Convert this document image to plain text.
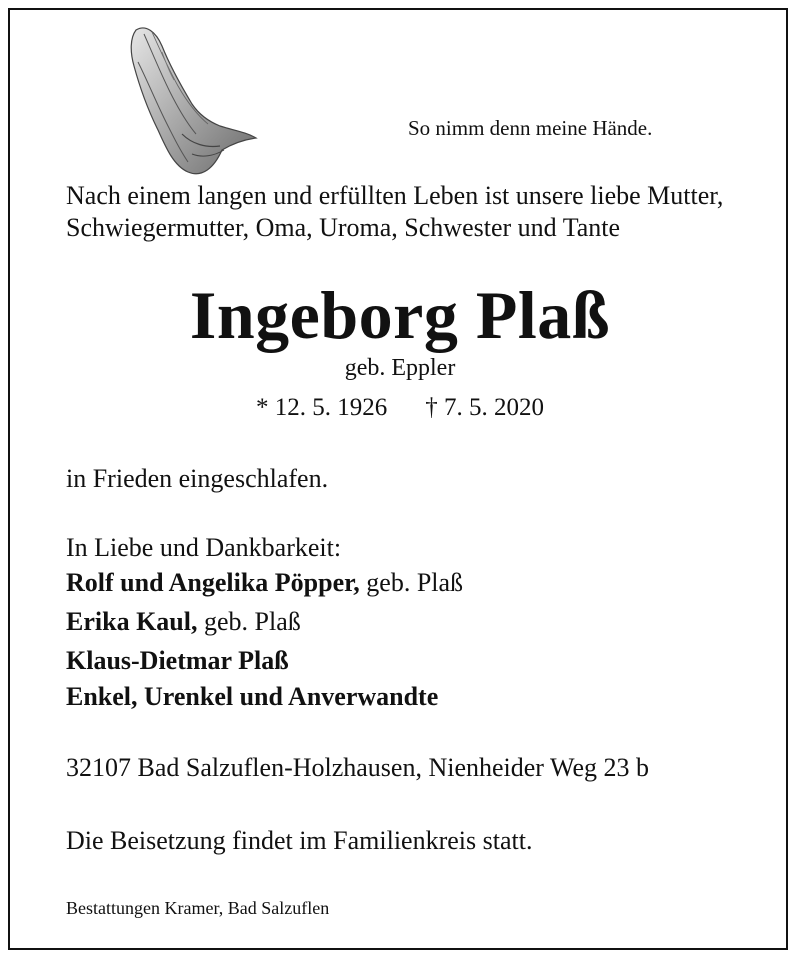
So nimm denn meine Hände.
Nach einem langen und erfüllten Leben ist unsere liebe Mutter, Schwiegermutter, Oma, Uroma, Schwester und Tante
Ingeborg Plaß
geb. Eppler
* 12. 5. 1926 † 7. 5. 2020
in Frieden eingeschlafen.
In Liebe und Dankbarkeit:
Rolf und Angelika Pöpper, geb. Plaß
Erika Kaul, geb. Plaß
Klaus-Dietmar Plaß
Enkel, Urenkel und Anverwandte
32107 Bad Salzuflen-Holzhausen, Nienheider Weg 23 b
Die Beisetzung findet im Familienkreis statt.
Bestattungen Kramer, Bad Salzuflen
